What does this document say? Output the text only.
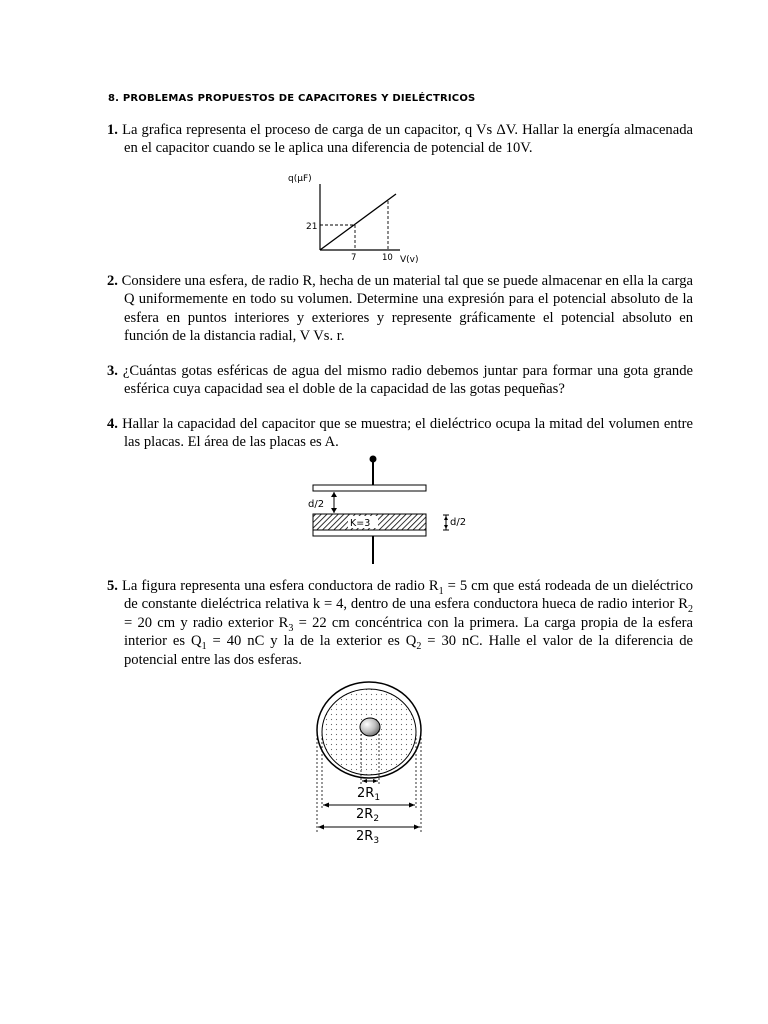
8. PROBLEMAS PROPUESTOS DE CAPACITORES Y DIELÉCTRICOS
1. La grafica representa el proceso de carga de un capacitor, q Vs ΔV. Hallar la energía almacenada en el capacitor cuando se le aplica una diferencia de potencial de 10V.
q(μF)
21
7	10 V(v)
2. Considere una esfera, de radio R, hecha de un material tal que se puede almacenar en ella la carga Q uniformemente en todo su volumen. Determine una expresión para el potencial absoluto de la esfera en puntos interiores y exteriores y represente gráficamente el potencial absoluto en función de la distancia radial, V Vs. r.
3. ¿Cuántas gotas esféricas de agua del mismo radio debemos juntar para formar una gota grande esférica cuya capacidad sea el doble de la capacidad de las gotas pequeñas?
4. Hallar la capacidad del capacitor que se muestra; el dieléctrico ocupa la mitad del volumen entre las placas. El área de las placas es A.
d/2
K=3	d/2
5. La figura representa una esfera conductora de radio $R_1 = 5$ cm que está rodeada de un dieléctrico de constante dieléctrica relativa k = 4, dentro de una esfera conductora hueca de radio interior $R_2 = 20$ cm y radio exterior $R_3 = 22$ cm concéntrica con la primera. La carga propia de la esfera interior es $Q_1 = 40$ nC y la de la exterior es $Q_2 = 30$ nC. Halle el valor de la diferencia de potencial entre las dos esferas.
$2R_1$
$2R_2$
$2R_3$
